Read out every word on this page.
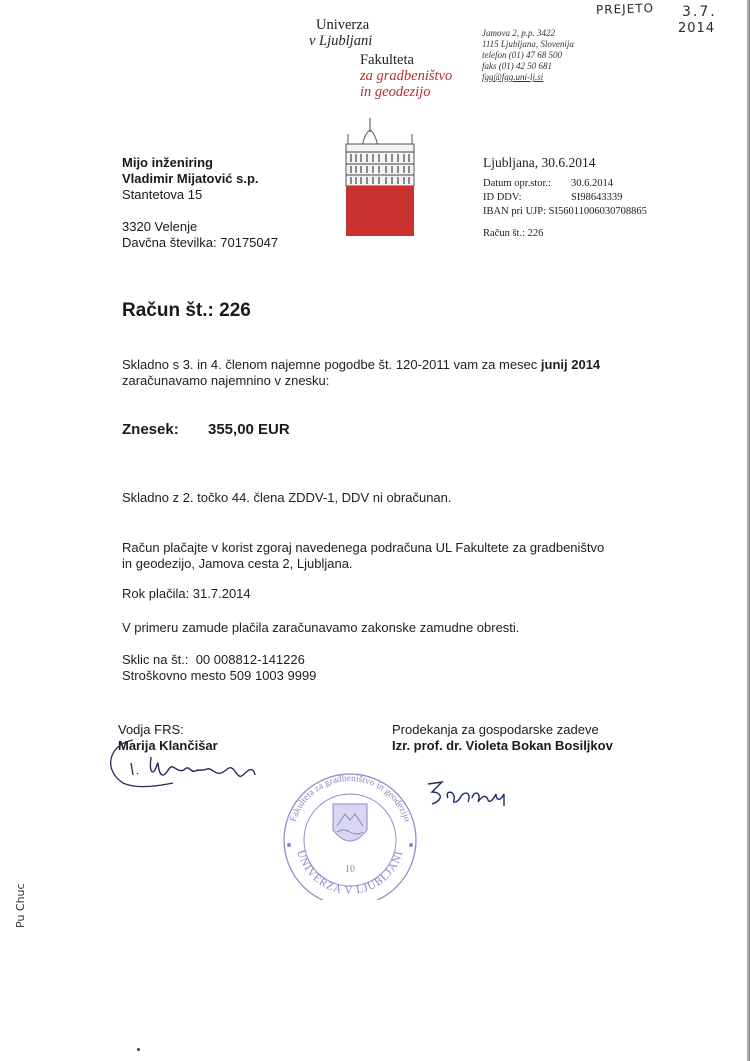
Univerza
v Ljubljani
Fakulteta
za gradbeništvo
in geodezijo
Jamova 2, p.p. 3422
1115 Ljubljana, Slovenija
telefon (01) 47 68 500
faks (01) 42 50 681
fgg@fgg.uni-lj.si
PREJETO 3.7.
2014
Mijo inženiring
Vladimir Mijatović s.p.
Stantetova 15
3320 Velenje
Davčna številka: 70175047
Ljubljana, 30.6.2014
Datum opr.stor.:	30.6.2014
ID DDV:	SI98643339
IBAN pri UJP: SI56011006030708865
Račun št.: 226
Račun št.: 226
Skladno s 3. in 4. členom najemne pogodbe št. 120-2011 vam za mesec junij 2014
zaračunavamo najemnino v znesku:
Znesek: 355,00 EUR
Skladno z 2. točko 44. člena ZDDV-1, DDV ni obračunan.
Račun plačajte v korist zgoraj navedenega podračuna UL Fakultete za gradbeništvo
in geodezijo, Jamova cesta 2, Ljubljana.
Rok plačila: 31.7.2014
V primeru zamude plačila zaračunavamo zakonske zamudne obresti.
Sklic na št.:  00 008812-141226
Stroškovno mesto 509 1003 9999
Vodja FRS:
Marija Klančišar
Prodekanja za gospodarske zadeve
Izr. prof. dr. Violeta Bokan Bosiljkov
Fakulteta za gradbeništvo in geodezijo
UNIVERZA V LJUBLJANI
10
Pu Chuc
